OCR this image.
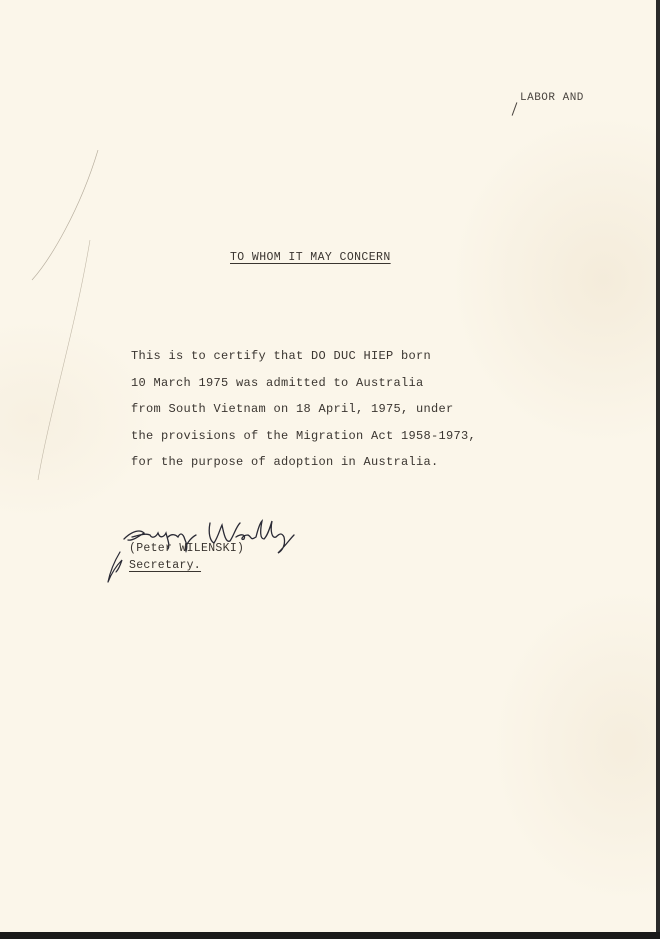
LABOR AND
TO WHOM IT MAY CONCERN
This is to certify that DO DUC HIEP born
10 March 1975 was admitted to Australia
from South Vietnam on 18 April, 1975, under
the provisions of the Migration Act 1958-1973,
for the purpose of adoption in Australia.
(Peter WILENSKI)
Secretary.
